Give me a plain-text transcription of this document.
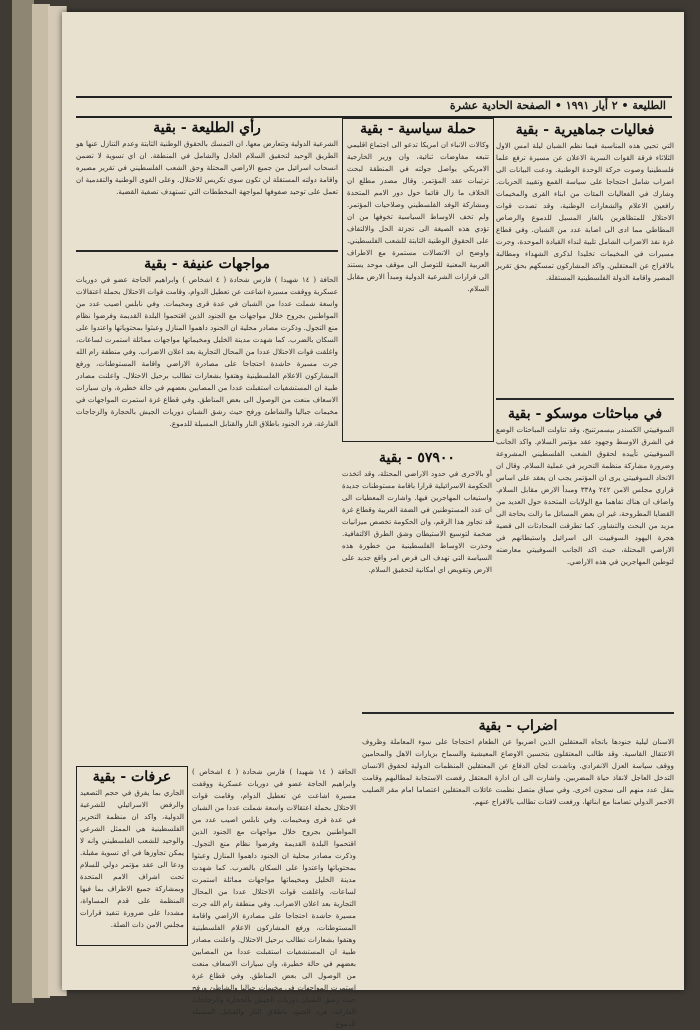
الطليعة • ٢ أيار ١٩٩١ • الصفحة الحادية عشرة
فعاليات جماهيرية - بقية
التي تحيي هذه المناسبة فيما نظم الشبان ليلة امس الاول الثلاثاء فرقة القوات السرية الاعلان عن مسيرة ترفع علما فلسطينيا وصوت حركة الوحدة الوطنية. ودعت البيانات الى اضراب شامل احتجاجا على سياسة القمع وتقييد الحريات. وشارك في الفعاليات المئات من ابناء القرى والمخيمات رافعين الاعلام والشعارات الوطنية، وقد تصدت قوات الاحتلال للمتظاهرين بالغاز المسيل للدموع والرصاص المطاطي مما ادى الى اصابة عدد من الشبان. وفي قطاع غزة نفذ الاضراب الشامل تلبية لنداء القيادة الموحدة، وجرت مسيرات في المخيمات تخليدا لذكرى الشهداء ومطالبة بالافراج عن المعتقلين. واكد المشاركون تمسكهم بحق تقرير المصير واقامة الدولة الفلسطينية المستقلة.
في مباحثات موسكو - بقية
السوفييتي الكسندر بيسمرتنيخ، وقد تناولت المباحثات الوضع في الشرق الاوسط وجهود عقد مؤتمر السلام. واكد الجانب السوفييتي تأييده لحقوق الشعب الفلسطيني المشروعة وضرورة مشاركة منظمة التحرير في عملية السلام. وقال ان الاتحاد السوفييتي يرى ان المؤتمر يجب ان يعقد على اساس قراري مجلس الامن ٢٤٢ و٣٣٨ ومبدأ الارض مقابل السلام. واضاف ان هناك تفاهما مع الولايات المتحدة حول العديد من القضايا المطروحة، غير ان بعض المسائل ما زالت بحاجة الى مزيد من البحث والتشاور. كما تطرقت المحادثات الى قضية هجرة اليهود السوفييت الى اسرائيل واستيطانهم في الاراضي المحتلة، حيث اكد الجانب السوفييتي معارضته لتوطين المهاجرين في هذه الاراضي.
حملة سياسية - بقية
وكالات الانباء ان امريكا تدعو الى اجتماع اقليمي تتبعه مفاوضات ثنائية، وان وزير الخارجية الامريكي يواصل جولته في المنطقة لبحث ترتيبات عقد المؤتمر. وقال مصدر مطلع ان الخلاف ما زال قائما حول دور الامم المتحدة ومشاركة الوفد الفلسطيني وصلاحيات المؤتمر. ولم تخف الاوساط السياسية تخوفها من ان تؤدي هذه الصيغة الى تجزئة الحل والالتفاف على الحقوق الوطنية الثابتة للشعب الفلسطيني. واوضح ان الاتصالات مستمرة مع الاطراف العربية المعنية للتوصل الى موقف موحد يستند الى قرارات الشرعية الدولية ومبدأ الارض مقابل السلام.
٥٧٩٠٠ - بقية
أو بالاحرى في حدود الاراضي المحتلة، وقد اتخذت الحكومة الاسرائيلية قرارا باقامة مستوطنات جديدة واستيعاب المهاجرين فيها. واشارت المعطيات الى ان عدد المستوطنين في الضفة الغربية وقطاع غزة قد تجاوز هذا الرقم، وان الحكومة تخصص ميزانيات ضخمة لتوسيع الاستيطان وشق الطرق الالتفافية. وحذرت الاوساط الفلسطينية من خطورة هذه السياسة التي تهدف الى فرض امر واقع جديد على الارض وتقويض اي امكانية لتحقيق السلام.
رأي الطليعة - بقية
الشرعية الدولية وتتعارض معها. ان التمسك بالحقوق الوطنية الثابتة وعدم التنازل عنها هو الطريق الوحيد لتحقيق السلام العادل والشامل في المنطقة. ان اي تسوية لا تضمن انسحاب اسرائيل من جميع الاراضي المحتلة وحق الشعب الفلسطيني في تقرير مصيره واقامة دولته المستقلة لن تكون سوى تكريس للاحتلال. وعلى القوى الوطنية والتقدمية ان تعمل على توحيد صفوفها لمواجهة المخططات التي تستهدف تصفية القضية.
مواجهات عنيفة - بقية
الحافة ( ١٤ شهيدا ) فارس شحادة ( ٤ اشخاص ) وابراهيم الحاجة عضو في دوريات عسكرية ووقفت مسيرة اشاعت عن تعطيل الدوام، وقامت قوات الاحتلال بحملة اعتقالات واسعة شملت عددا من الشبان في عدة قرى ومخيمات. وفي نابلس اصيب عدد من المواطنين بجروح خلال مواجهات مع الجنود الذين اقتحموا البلدة القديمة وفرضوا نظام منع التجول. وذكرت مصادر محلية ان الجنود داهموا المنازل وعبثوا بمحتوياتها واعتدوا على السكان بالضرب. كما شهدت مدينة الخليل ومخيماتها مواجهات مماثلة استمرت لساعات، واغلقت قوات الاحتلال عددا من المحال التجارية بعد اعلان الاضراب. وفي منطقة رام الله جرت مسيرة حاشدة احتجاجا على مصادرة الاراضي واقامة المستوطنات، ورفع المشاركون الاعلام الفلسطينية وهتفوا بشعارات تطالب برحيل الاحتلال. واعلنت مصادر طبية ان المستشفيات استقبلت عددا من المصابين بعضهم في حالة خطيرة، وان سيارات الاسعاف منعت من الوصول الى بعض المناطق. وفي قطاع غزة استمرت المواجهات في مخيمات جباليا والشاطئ ورفح حيث رشق الشبان دوريات الجيش بالحجارة والزجاجات الفارغة، فرد الجنود باطلاق النار والقنابل المسيلة للدموع.
اضراب - بقية
الاسنان ليلية جنودها باتجاه المعتقلين الذين اضربوا عن الطعام احتجاجا على سوء المعاملة وظروف الاعتقال القاسية. وقد طالب المعتقلون بتحسين الاوضاع المعيشية والسماح بزيارات الاهل والمحامين ووقف سياسة العزل الانفرادي. وناشدت لجان الدفاع عن المعتقلين المنظمات الدولية لحقوق الانسان التدخل العاجل لانقاذ حياة المضربين. واشارت الى ان ادارة المعتقل رفضت الاستجابة لمطالبهم وقامت بنقل عدد منهم الى سجون اخرى. وفي سياق متصل نظمت عائلات المعتقلين اعتصاما امام مقر الصليب الاحمر الدولي تضامنا مع ابنائها، ورفعت لافتات تطالب بالافراج عنهم.
عرفات - بقية
الجاري بما يفرق في حجم التصعيد والرفض الاسرائيلي للشرعية الدولية، واكد ان منظمة التحرير الفلسطينية هي الممثل الشرعي والوحيد للشعب الفلسطيني وانه لا يمكن تجاوزها في اي تسوية مقبلة. ودعا الى عقد مؤتمر دولي للسلام تحت اشراف الامم المتحدة وبمشاركة جميع الاطراف بما فيها المنظمة على قدم المساواة، مشددا على ضرورة تنفيذ قرارات مجلس الامن ذات الصلة.
الحافة ( ١٤ شهيدا ) فارس شحادة ( ٤ اشخاص ) وابراهيم الحاجة عضو في دوريات عسكرية ووقفت مسيرة اشاعت عن تعطيل الدوام، وقامت قوات الاحتلال بحملة اعتقالات واسعة شملت عددا من الشبان في عدة قرى ومخيمات. وفي نابلس اصيب عدد من المواطنين بجروح خلال مواجهات مع الجنود الذين اقتحموا البلدة القديمة وفرضوا نظام منع التجول. وذكرت مصادر محلية ان الجنود داهموا المنازل وعبثوا بمحتوياتها واعتدوا على السكان بالضرب. كما شهدت مدينة الخليل ومخيماتها مواجهات مماثلة استمرت لساعات، واغلقت قوات الاحتلال عددا من المحال التجارية بعد اعلان الاضراب. وفي منطقة رام الله جرت مسيرة حاشدة احتجاجا على مصادرة الاراضي واقامة المستوطنات، ورفع المشاركون الاعلام الفلسطينية وهتفوا بشعارات تطالب برحيل الاحتلال. واعلنت مصادر طبية ان المستشفيات استقبلت عددا من المصابين بعضهم في حالة خطيرة، وان سيارات الاسعاف منعت من الوصول الى بعض المناطق. وفي قطاع غزة استمرت المواجهات في مخيمات جباليا والشاطئ ورفح حيث رشق الشبان دوريات الجيش بالحجارة والزجاجات الفارغة، فرد الجنود باطلاق النار والقنابل المسيلة للدموع.
